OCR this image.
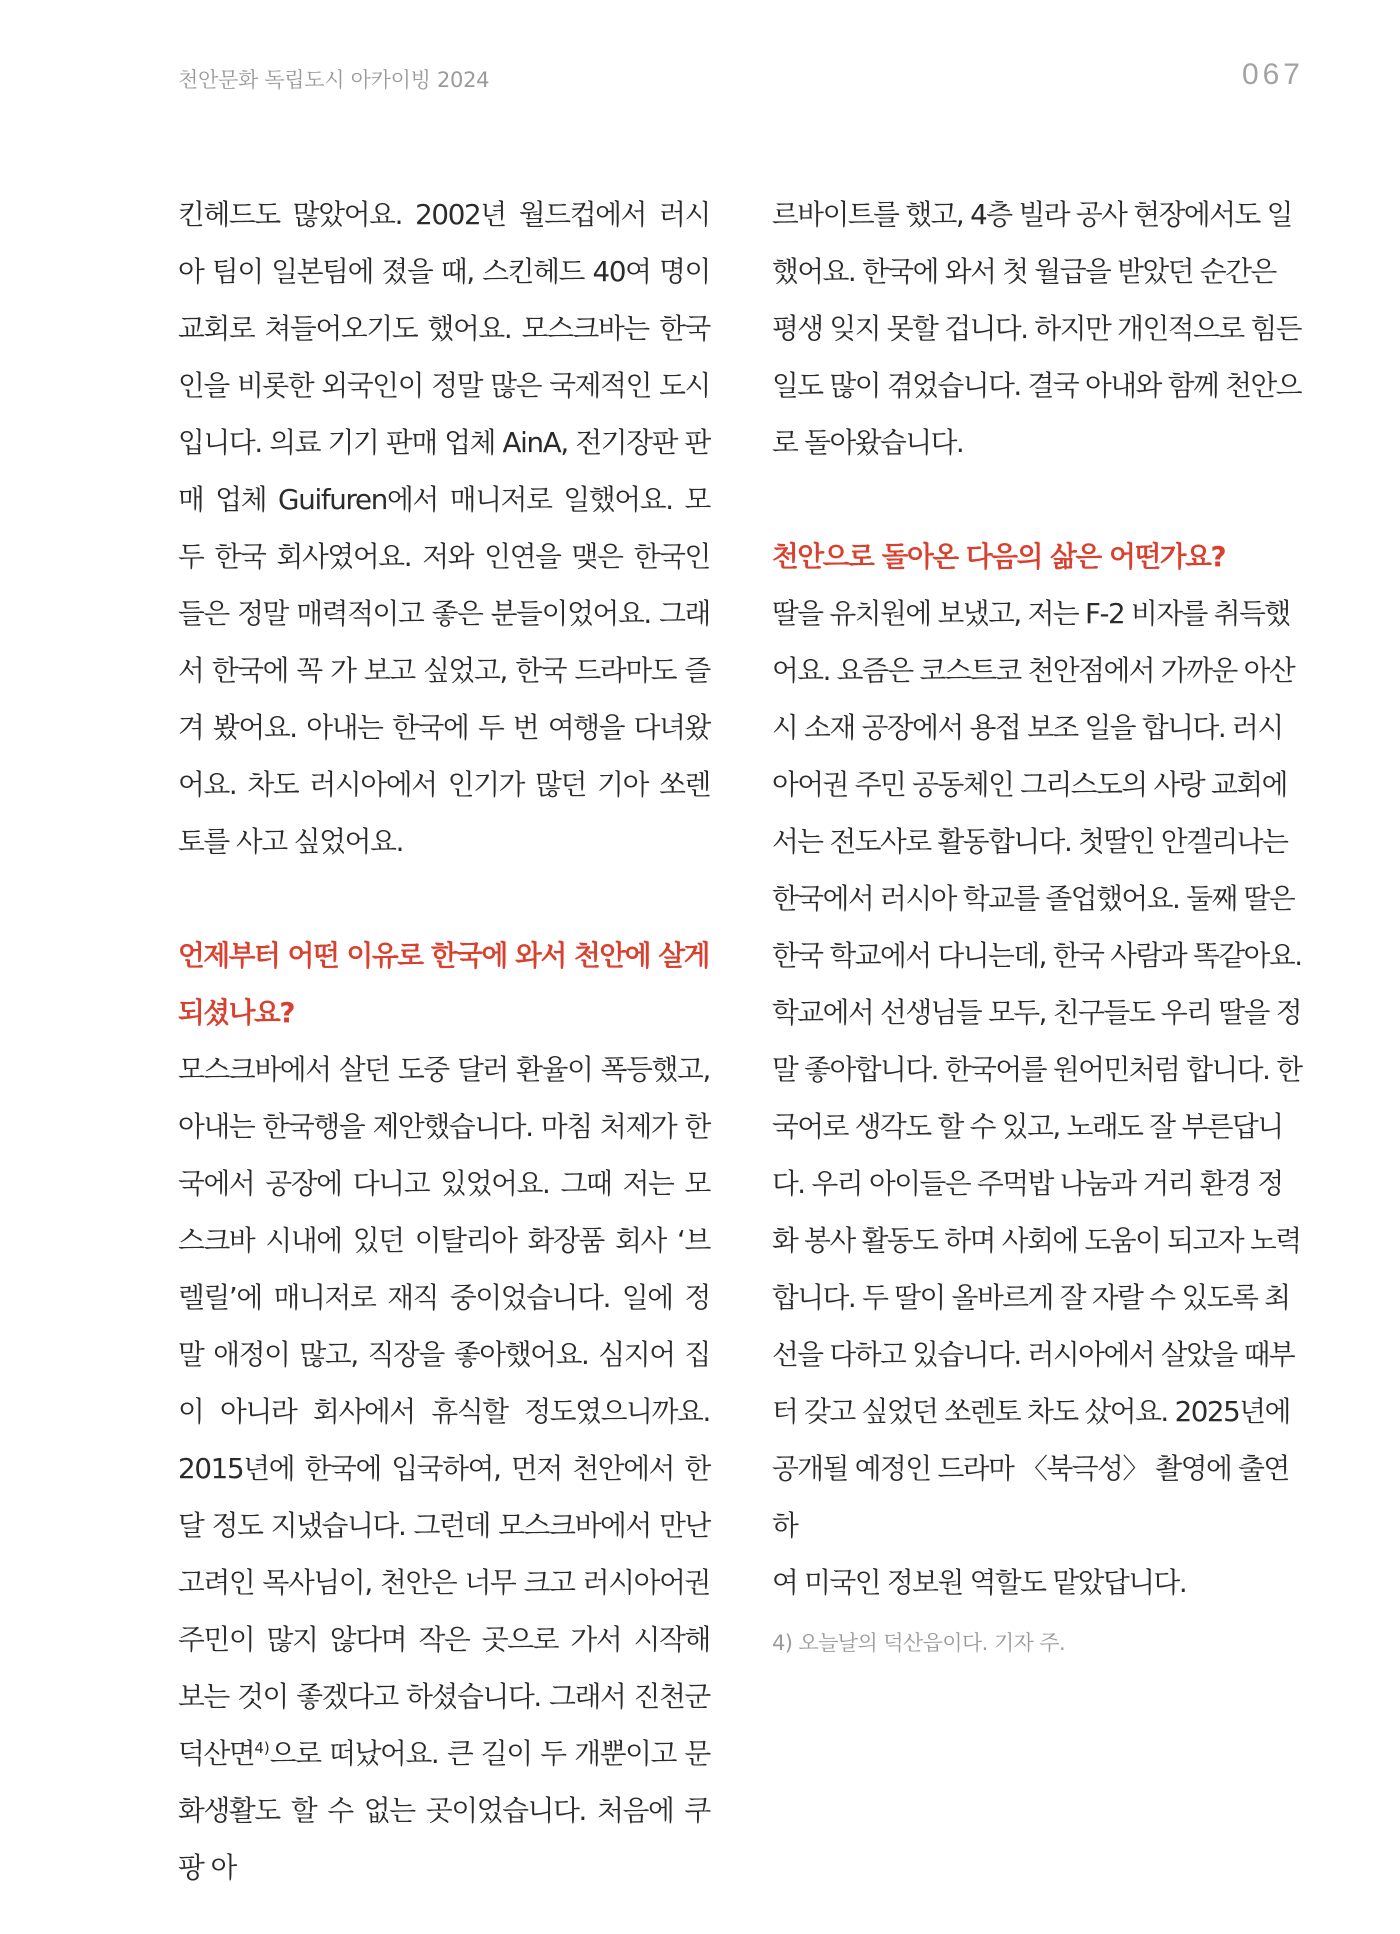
천안문화 독립도시 아카이빙 2024	067

킨헤드도 많았어요. 2002년 월드컵에서 러시아 팀이 일본팀에 졌을 때, 스킨헤드 40여 명이 교회로 쳐들어오기도 했어요. 모스크바는 한국인을 비롯한 외국인이 정말 많은 국제적인 도시입니다. 의료 기기 판매 업체 AinA, 전기장판 판매 업체 Guifuren에서 매니저로 일했어요. 모두 한국 회사였어요. 저와 인연을 맺은 한국인들은 정말 매력적이고 좋은 분들이었어요. 그래서 한국에 꼭 가 보고 싶었고, 한국 드라마도 즐겨 봤어요. 아내는 한국에 두 번 여행을 다녀왔어요. 차도 러시아에서 인기가 많던 기아 쏘렌토를 사고 싶었어요.

언제부터 어떤 이유로 한국에 와서 천안에 살게 되셨나요?

모스크바에서 살던 도중 달러 환율이 폭등했고, 아내는 한국행을 제안했습니다. 마침 처제가 한국에서 공장에 다니고 있었어요. 그때 저는 모스크바 시내에 있던 이탈리아 화장품 회사 ‘브렐릴’에 매니저로 재직 중이었습니다. 일에 정말 애정이 많고, 직장을 좋아했어요. 심지어 집이 아니라 회사에서 휴식할 정도였으니까요. 2015년에 한국에 입국하여, 먼저 천안에서 한 달 정도 지냈습니다. 그런데 모스크바에서 만난 고려인 목사님이, 천안은 너무 크고 러시아어권 주민이 많지 않다며 작은 곳으로 가서 시작해 보는 것이 좋겠다고 하셨습니다. 그래서 진천군 덕산면$^{4)}$으로 떠났어요. 큰 길이 두 개뿐이고 문화생활도 할 수 없는 곳이었습니다. 처음에 쿠팡 아

르바이트를 했고, 4층 빌라 공사 현장에서도 일

했어요. 한국에 와서 첫 월급을 받았던 순간은

평생 잊지 못할 겁니다. 하지만 개인적으로 힘든

일도 많이 겪었습니다. 결국 아내와 함께 천안으

로 돌아왔습니다.

천안으로 돌아온 다음의 삶은 어떤가요?

딸을 유치원에 보냈고, 저는 F-2 비자를 취득했

어요. 요즘은 코스트코 천안점에서 가까운 아산

시 소재 공장에서 용접 보조 일을 합니다. 러시

아어권 주민 공동체인 그리스도의 사랑 교회에

서는 전도사로 활동합니다. 첫딸인 안겔리나는

한국에서 러시아 학교를 졸업했어요. 둘째 딸은

한국 학교에서 다니는데, 한국 사람과 똑같아요.

학교에서 선생님들 모두, 친구들도 우리 딸을 정

말 좋아합니다. 한국어를 원어민처럼 합니다. 한

국어로 생각도 할 수 있고, 노래도 잘 부른답니

다. 우리 아이들은 주먹밥 나눔과 거리 환경 정

화 봉사 활동도 하며 사회에 도움이 되고자 노력

합니다. 두 딸이 올바르게 잘 자랄 수 있도록 최

선을 다하고 있습니다. 러시아에서 살았을 때부

터 갖고 싶었던 쏘렌토 차도 샀어요. 2025년에

공개될 예정인 드라마 〈북극성〉 촬영에 출연하

여 미국인 정보원 역할도 맡았답니다.

4) 오늘날의 덕산읍이다. 기자 주.
